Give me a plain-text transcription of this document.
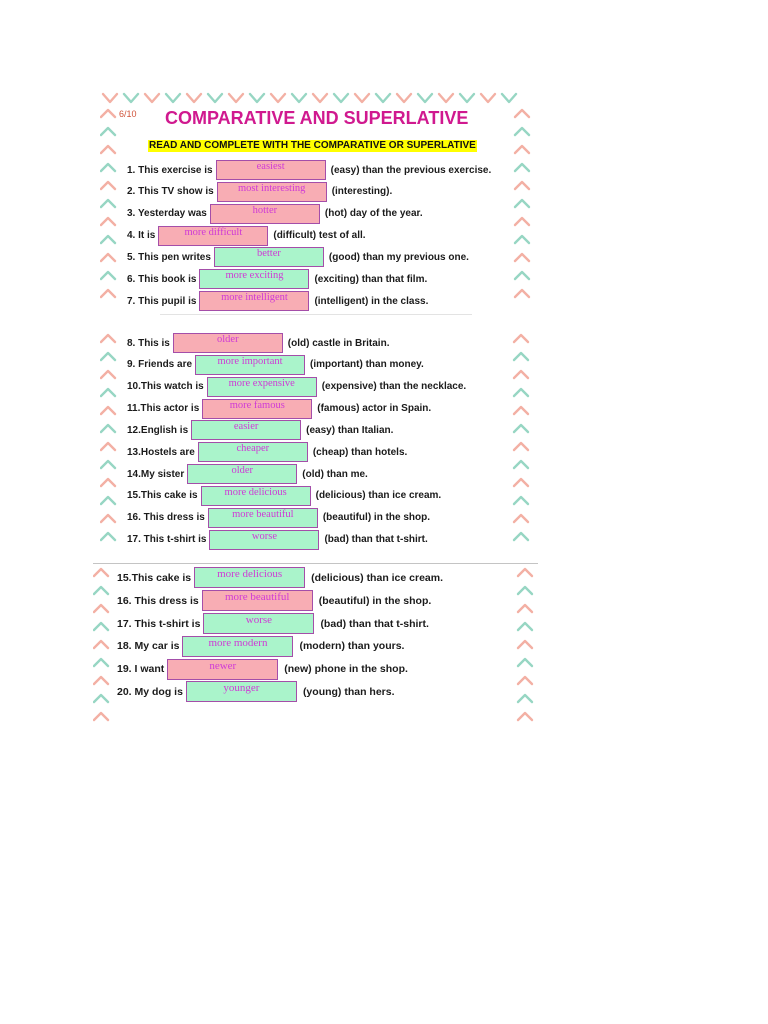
6/10 COMPARATIVE AND SUPERLATIVE
READ AND COMPLETE WITH THE COMPARATIVE OR SUPERLATIVE
1. This exercise is	easiest	(easy) than the previous exercise.
2. This TV show is	most interesting	(interesting).
3. Yesterday was	hotter	(hot) day of the year.
4. It is	more difficult	(difficult) test of all.
5. This pen writes	better	(good) than my previous one.
6. This book is	more exciting	(exciting) than that film.
7. This pupil is	more intelligent	(intelligent) in the class.
8. This is	older	(old) castle in Britain.
9. Friends are	more important	(important) than money.
10.This watch is	more expensive	(expensive) than the necklace.
11.This actor is	more famous	(famous) actor in Spain.
12.English is	easier	(easy) than Italian.
13.Hostels are	cheaper	(cheap) than hotels.
14.My sister	older	(old) than me.
15.This cake is	more delicious	(delicious) than ice cream.
16. This dress is	more beautiful	(beautiful) in the shop.
17. This t-shirt is	worse	(bad) than that t-shirt.
15.This cake is	more delicious	(delicious) than ice cream.
16. This dress is	more beautiful	(beautiful) in the shop.
17. This t-shirt is	worse	(bad) than that t-shirt.
18. My car is	more modern	(modern) than yours.
19. I want	newer	(new) phone in the shop.
20. My dog is	younger	(young) than hers.
